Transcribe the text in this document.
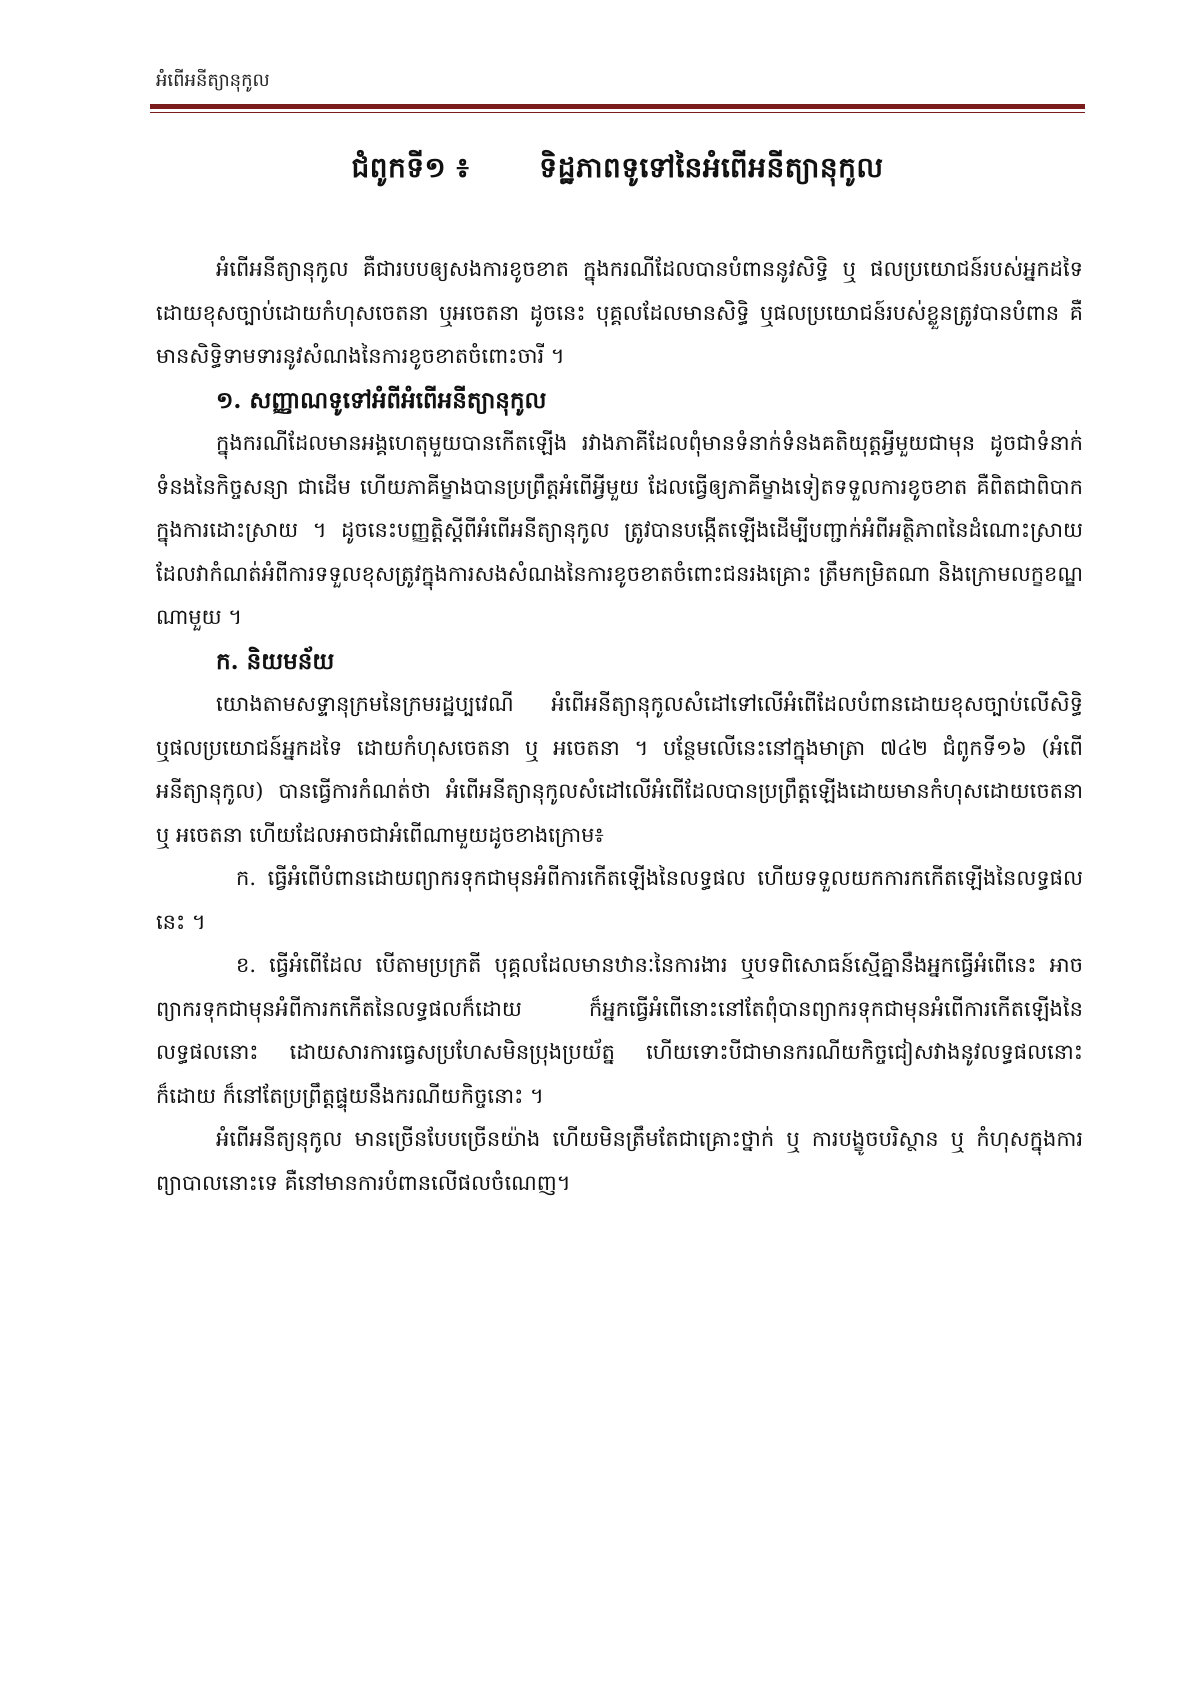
អំពើអនីត្យានុកូល
ជំពូកទី១ ៖	ទិដ្ឋភាពទូទៅនៃអំពើអនីត្យានុកូល

អំពើអនីត្យានុកូល គឺជារបបឲ្យសងការខូចខាត ក្នុងករណីដែលបានបំពាននូវសិទ្ធិ ឬ ផលប្រយោជន៍របស់អ្នកដទៃដោយខុសច្បាប់ដោយកំហុសចេតនា ឬអចេតនា ដូចនេះ បុគ្គលដែលមានសិទ្ធិ ឬផលប្រយោជន៍របស់ខ្លួនត្រូវបានបំពាន គឺមានសិទ្ធិទាមទារនូវសំណងនៃការខូចខាតចំពោះចារី ។

១. សញ្ញាណទូទៅអំពីអំពើអនីត្យានុកូល

ក្នុងករណីដែលមានអង្គហេតុមួយបានកើតឡើង រវាងភាគីដែលពុំមានទំនាក់ទំនងគតិយុត្តអ្វីមួយជាមុន ដូចជាទំនាក់ទំនងនៃកិច្ចសន្យា ជាដើម ហើយភាគីម្ខាងបានប្រព្រឹត្តអំពើអ្វីមួយ ដែលធ្វើឲ្យភាគីម្ខាងទៀតទទួលការខូចខាត គឺពិតជាពិបាកក្នុងការដោះស្រាយ ។ ដូចនេះបញ្ញត្តិស្តីពីអំពើអនីត្យានុកូល ត្រូវបានបង្កើតឡើងដើម្បីបញ្ជាក់អំពីអត្ថិភាពនៃដំណោះស្រាយ ដែលវាកំណត់អំពីការទទួលខុសត្រូវក្នុងការសងសំណងនៃការខូចខាតចំពោះជនរងគ្រោះ ត្រឹមកម្រិតណា និងក្រោមលក្ខខណ្ឌណាមួយ ។

ក. និយមន័យ

យោងតាមសទ្ទានុក្រមនៃក្រមរដ្ឋប្បវេណី អំពើអនីត្យានុកូលសំដៅទៅលើអំពើដែលបំពានដោយខុសច្បាប់លើសិទ្ធិ ឬផលប្រយោជន៍អ្នកដទៃ ដោយកំហុសចេតនា ឬ អចេតនា ។ បន្ថែមលើនេះនៅក្នុងមាត្រា ៧៤២ ជំពូកទី១៦ (អំពើអនីត្យានុកូល) បានធ្វើការកំណត់ថា អំពើអនីត្យានុកូលសំដៅលើអំពើដែលបានប្រព្រឹត្តឡើងដោយមានកំហុសដោយចេតនា ឬ អចេតនា ហើយដែលអាចជាអំពើណាមួយដូចខាងក្រោម៖

ក. ធ្វើអំពើបំពានដោយព្យាករទុកជាមុនអំពីការកើតឡើងនៃលទ្ធផល ហើយទទួលយកការកកើតឡើងនៃលទ្ធផលនេះ ។

ខ. ធ្វើអំពើដែល បើតាមប្រក្រតី បុគ្គលដែលមានឋានៈនៃការងារ ឬបទពិសោធន៍ស្មើគ្នានឹងអ្នកធ្វើអំពើនេះ អាចព្យាករទុកជាមុនអំពីការកកើតនៃលទ្ធផលក៏ដោយ ក៏អ្នកធ្វើអំពើនោះនៅតែពុំបានព្យាករទុកជាមុនអំពើការកើតឡើងនៃលទ្ធផលនោះ ដោយសារការធ្វេសប្រហែសមិនប្រុងប្រយ័ត្ន ហើយទោះបីជាមានករណីយកិច្ចជៀសវាងនូវលទ្ធផលនោះក៏ដោយ ក៏នៅតែប្រព្រឹត្តផ្ទុយនឹងករណីយកិច្ចនោះ ។

អំពើអនីត្យនុកូល មានច្រើនបែបច្រើនយ៉ាង ហើយមិនត្រឹមតែជាគ្រោះថ្នាក់ ឬ ការបង្ខូចបរិស្ថាន ឬ កំហុសក្នុងការព្យាបាលនោះទេ គឺនៅមានការបំពានលើផលចំណេញ។
